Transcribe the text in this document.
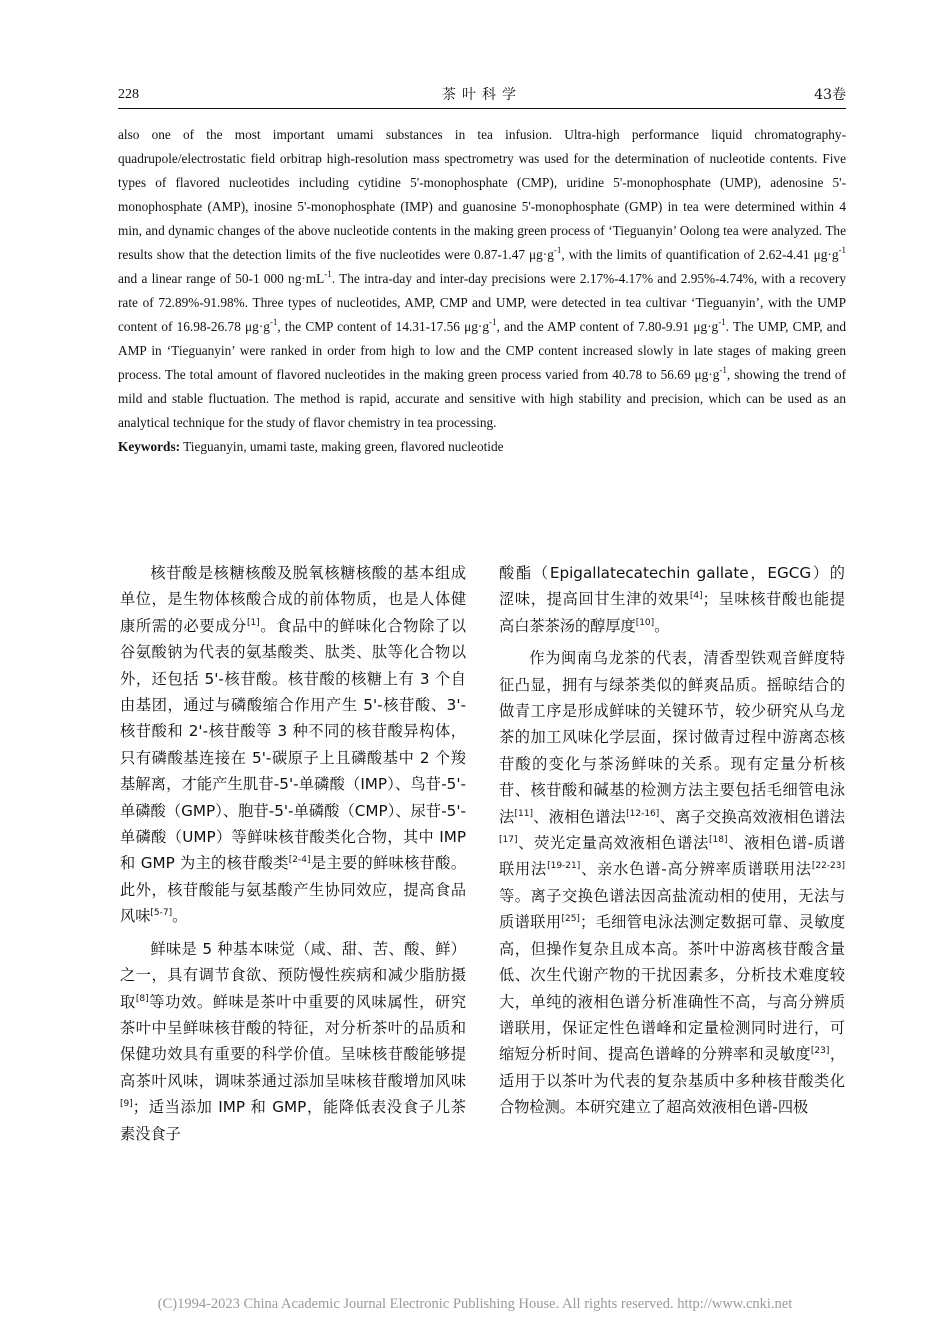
228	茶叶科学	43卷

also one of the most important umami substances in tea infusion. Ultra-high performance liquid chromatography-quadrupole/electrostatic field orbitrap high-resolution mass spectrometry was used for the determination of nucleotide contents. Five types of flavored nucleotides including cytidine 5'-monophosphate (CMP), uridine 5'-monophosphate (UMP), adenosine 5'-monophosphate (AMP), inosine 5'-monophosphate (IMP) and guanosine 5'-monophosphate (GMP) in tea were determined within 4 min, and dynamic changes of the above nucleotide contents in the making green process of ‘Tieguanyin’ Oolong tea were analyzed. The results show that the detection limits of the five nucleotides were 0.87-1.47 $\mu g\cdot g^{-1}$, with the limits of quantification of 2.62-4.41 $\mu g\cdot g^{-1}$ and a linear range of 50-1 000 $ng\cdot mL^{-1}$. The intra-day and inter-day precisions were 2.17%-4.17% and 2.95%-4.74%, with a recovery rate of 72.89%-91.98%. Three types of nucleotides, AMP, CMP and UMP, were detected in tea cultivar ‘Tieguanyin’, with the UMP content of 16.98-26.78 $\mu g\cdot g^{-1}$, the CMP content of 14.31-17.56 $\mu g\cdot g^{-1}$, and the AMP content of 7.80-9.91 $\mu g\cdot g^{-1}$. The UMP, CMP, and AMP in ‘Tieguanyin’ were ranked in order from high to low and the CMP content increased slowly in late stages of making green process. The total amount of flavored nucleotides in the making green process varied from 40.78 to 56.69 $\mu g\cdot g^{-1}$, showing the trend of mild and stable fluctuation. The method is rapid, accurate and sensitive with high stability and precision, which can be used as an analytical technique for the study of flavor chemistry in tea processing.

Keywords: Tieguanyin, umami taste, making green, flavored nucleotide

核苷酸是核糖核酸及脱氧核糖核酸的基本组成单位，是生物体核酸合成的前体物质，也是人体健康所需的必要成分[1]。食品中的鲜味化合物除了以谷氨酸钠为代表的氨基酸类、肽类、肽等化合物以外，还包括 5'-核苷酸。核苷酸的核糖上有 3 个自由基团，通过与磷酸缩合作用产生 5'-核苷酸、3'-核苷酸和 2'-核苷酸等 3 种不同的核苷酸异构体，只有磷酸基连接在 5'-碳原子上且磷酸基中 2 个羧基解离，才能产生肌苷-5'-单磷酸（IMP）、鸟苷-5'-单磷酸（GMP）、胞苷-5'-单磷酸（CMP）、尿苷-5'-单磷酸（UMP）等鲜味核苷酸类化合物，其中 IMP 和 GMP 为主的核苷酸类[2-4]是主要的鲜味核苷酸。此外，核苷酸能与氨基酸产生协同效应，提高食品风味[5-7]。

鲜味是 5 种基本味觉（咸、甜、苦、酸、鲜）之一，具有调节食欲、预防慢性疾病和减少脂肪摄取[8]等功效。鲜味是茶叶中重要的风味属性，研究茶叶中呈鲜味核苷酸的特征，对分析茶叶的品质和保健功效具有重要的科学价值。呈味核苷酸能够提高茶叶风味，调味茶通过添加呈味核苷酸增加风味[9]；适当添加 IMP 和 GMP，能降低表没食子儿茶素没食子

酸酯（Epigallatecatechin gallate，EGCG）的涩味，提高回甘生津的效果[4]；呈味核苷酸也能提高白茶茶汤的醇厚度[10]。

作为闽南乌龙茶的代表，清香型铁观音鲜度特征凸显，拥有与绿茶类似的鲜爽品质。摇晾结合的做青工序是形成鲜味的关键环节，较少研究从乌龙茶的加工风味化学层面，探讨做青过程中游离态核苷酸的变化与茶汤鲜味的关系。现有定量分析核苷、核苷酸和碱基的检测方法主要包括毛细管电泳法[11]、液相色谱法[12-16]、离子交换高效液相色谱法[17]、荧光定量高效液相色谱法[18]、液相色谱-质谱联用法[19-21]、亲水色谱-高分辨率质谱联用法[22-23]等。离子交换色谱法因高盐流动相的使用，无法与质谱联用[25]；毛细管电泳法测定数据可靠、灵敏度高，但操作复杂且成本高。茶叶中游离核苷酸含量低、次生代谢产物的干扰因素多，分析技术难度较大，单纯的液相色谱分析准确性不高，与高分辨质谱联用，保证定性色谱峰和定量检测同时进行，可缩短分析时间、提高色谱峰的分辨率和灵敏度[23]，适用于以茶叶为代表的复杂基质中多种核苷酸类化合物检测。本研究建立了超高效液相色谱-四极

(C)1994-2023 China Academic Journal Electronic Publishing House. All rights reserved. http://www.cnki.net
